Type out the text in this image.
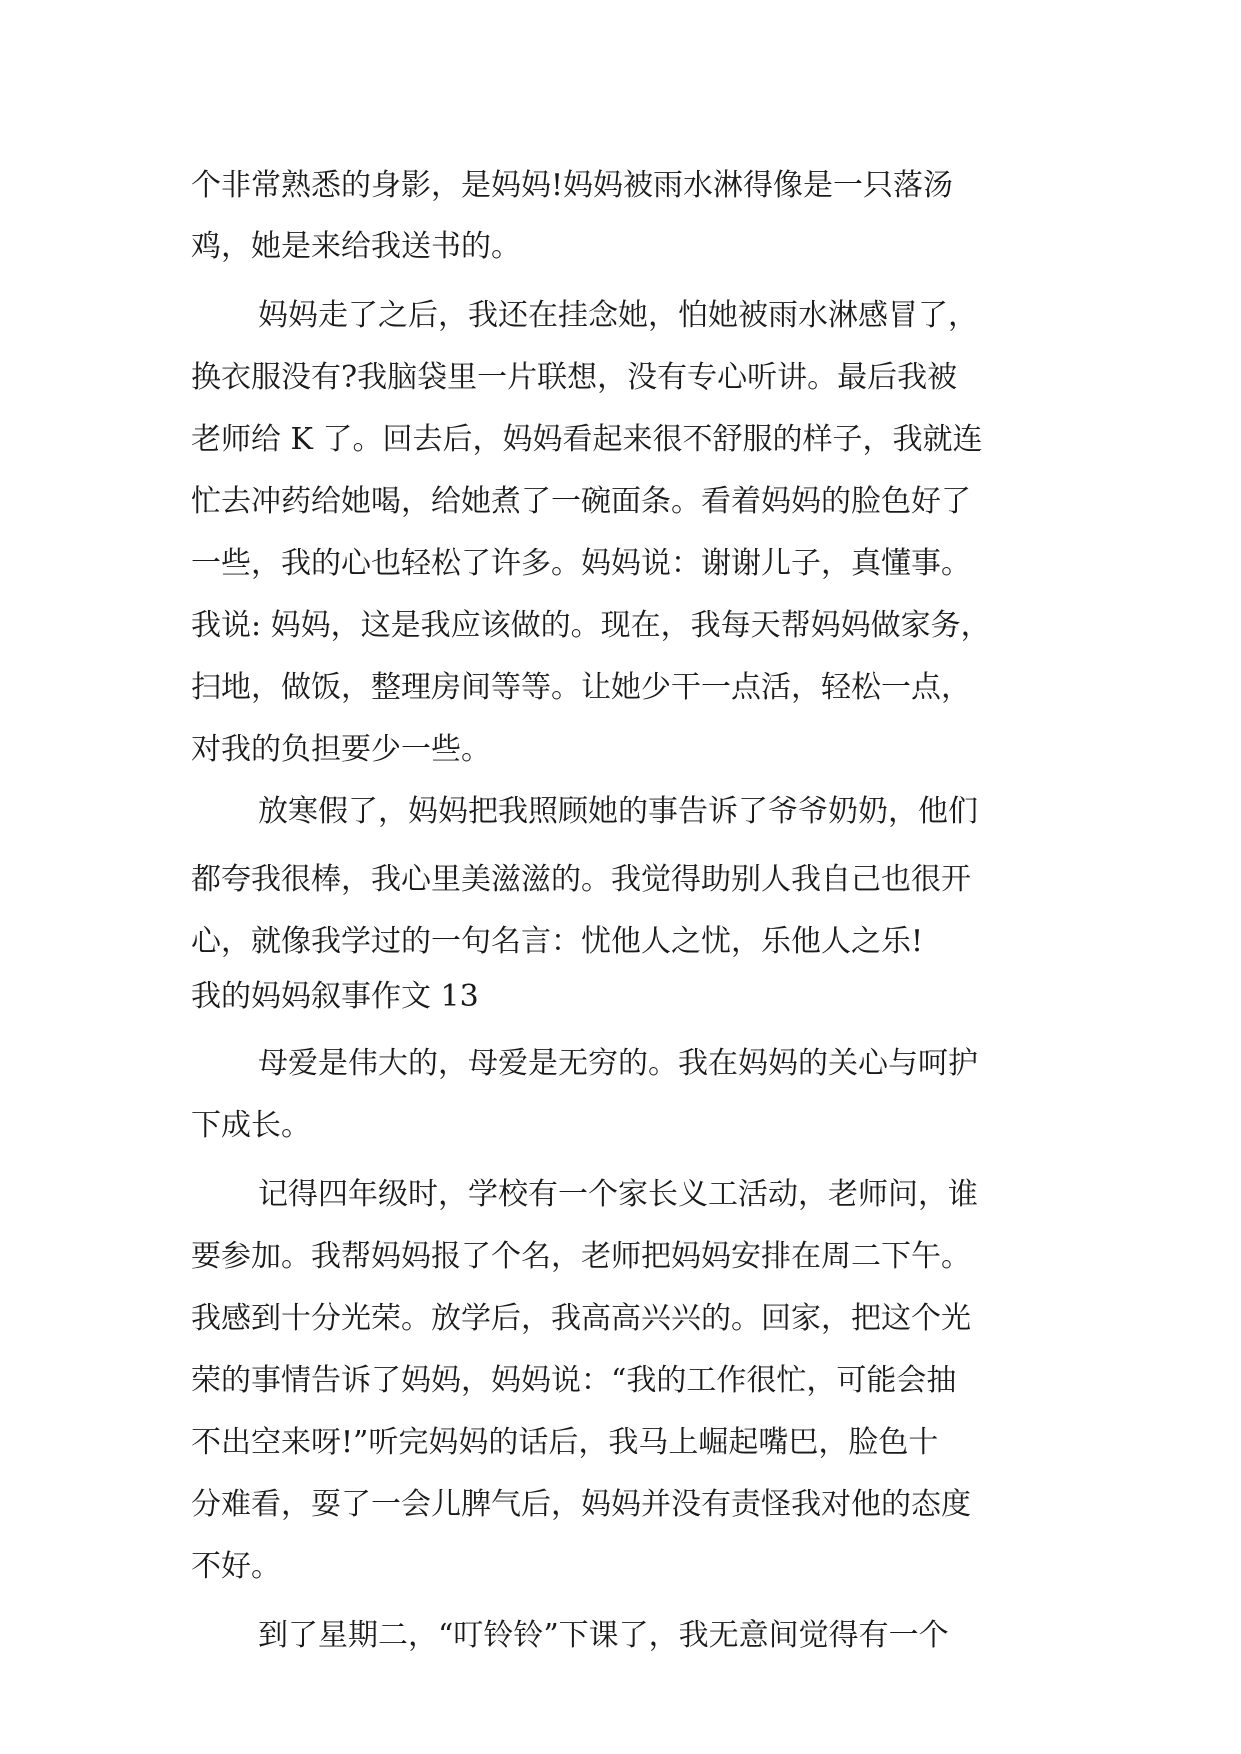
个非常熟悉的身影，是妈妈!妈妈被雨水淋得像是一只落汤
鸡，她是来给我送书的。
妈妈走了之后，我还在挂念她，怕她被雨水淋感冒了，
换衣服没有?我脑袋里一片联想，没有专心听讲。最后我被
老师给 K 了。回去后，妈妈看起来很不舒服的样子，我就连
忙去冲药给她喝，给她煮了一碗面条。看着妈妈的脸色好了
一些，我的心也轻松了许多。妈妈说：谢谢儿子，真懂事。
我说: 妈妈，这是我应该做的。现在，我每天帮妈妈做家务，
扫地，做饭，整理房间等等。让她少干一点活，轻松一点，
对我的负担要少一些。
放寒假了，妈妈把我照顾她的事告诉了爷爷奶奶，他们
都夸我很棒，我心里美滋滋的。我觉得助别人我自己也很开
心，就像我学过的一句名言：忧他人之忧，乐他人之乐!
我的妈妈叙事作文 13
母爱是伟大的，母爱是无穷的。我在妈妈的关心与呵护
下成长。
记得四年级时，学校有一个家长义工活动，老师问，谁
要参加。我帮妈妈报了个名，老师把妈妈安排在周二下午。
我感到十分光荣。放学后，我高高兴兴的。回家，把这个光
荣的事情告诉了妈妈，妈妈说：“我的工作很忙，可能会抽
不出空来呀!”听完妈妈的话后，我马上崛起嘴巴，脸色十
分难看，耍了一会儿脾气后，妈妈并没有责怪我对他的态度
不好。
到了星期二，“叮铃铃”下课了，我无意间觉得有一个
